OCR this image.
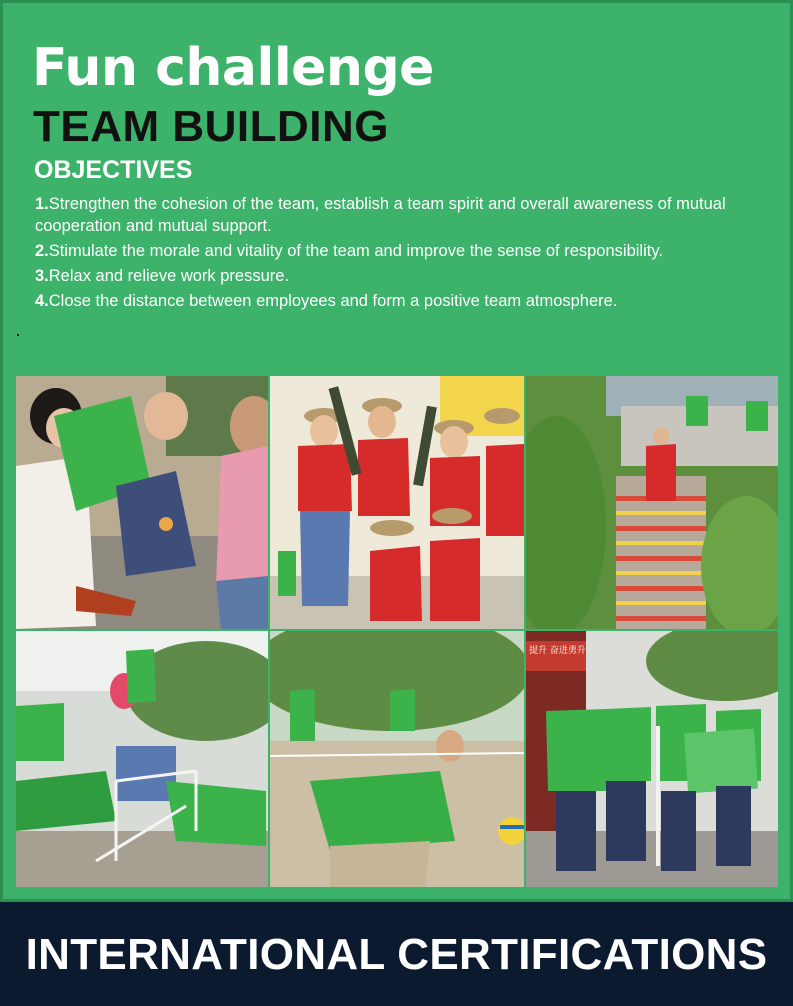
Fun challenge
TEAM BUILDING
OBJECTIVES
1.Strengthen the cohesion of the team, establish a team spirit and overall awareness of mutual cooperation and mutual support.
2.Stimulate the morale and vitality of the team and improve the sense of responsibility.
3.Relax and relieve work pressure.
4.Close the distance between employees and form a positive team atmosphere.
提升 奋进勇升
INTERNATIONAL CERTIFICATIONS
